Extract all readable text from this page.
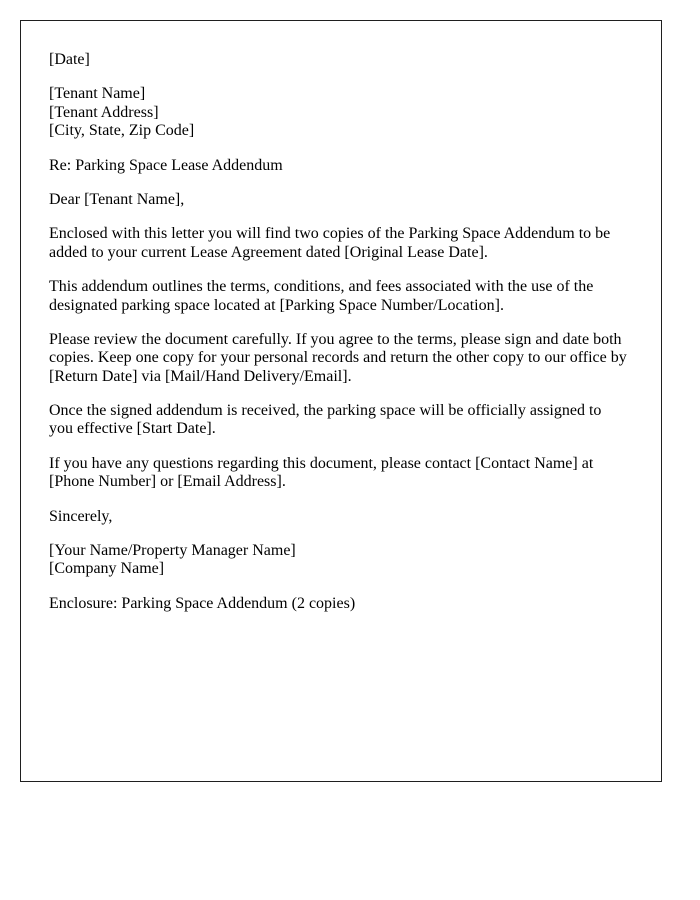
[Date]

[Tenant Name]
[Tenant Address]
[City, State, Zip Code]

Re: Parking Space Lease Addendum

Dear [Tenant Name],

Enclosed with this letter you will find two copies of the Parking Space Addendum to be added to your current Lease Agreement dated [Original Lease Date].

This addendum outlines the terms, conditions, and fees associated with the use of the designated parking space located at [Parking Space Number/Location].

Please review the document carefully. If you agree to the terms, please sign and date both copies. Keep one copy for your personal records and return the other copy to our office by [Return Date] via [Mail/Hand Delivery/Email].

Once the signed addendum is received, the parking space will be officially assigned to you effective [Start Date].

If you have any questions regarding this document, please contact [Contact Name] at [Phone Number] or [Email Address].

Sincerely,

[Your Name/Property Manager Name]
[Company Name]

Enclosure: Parking Space Addendum (2 copies)
